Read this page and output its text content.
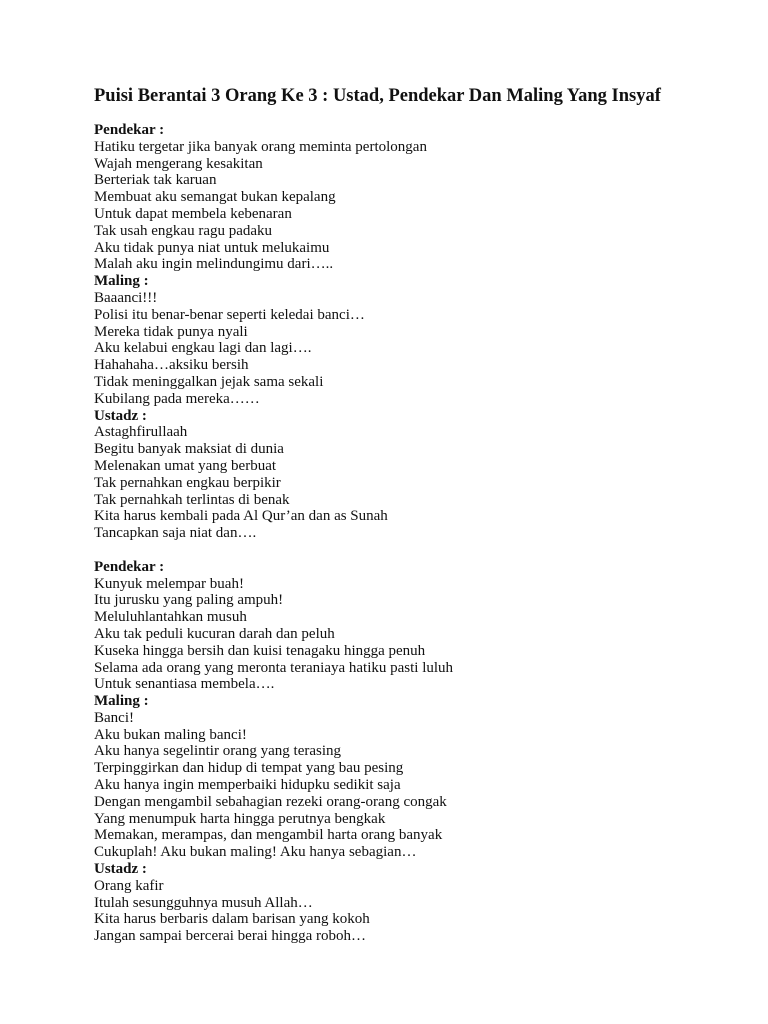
Puisi Berantai 3 Orang Ke 3 : Ustad, Pendekar Dan Maling Yang Insyaf
Pendekar :
Hatiku tergetar jika banyak orang meminta pertolongan
Wajah mengerang kesakitan
Berteriak tak karuan
Membuat aku semangat bukan kepalang
Untuk dapat membela kebenaran
Tak usah engkau ragu padaku
Aku tidak punya niat untuk melukaimu
Malah aku ingin melindungimu dari…..
Maling :
Baaanci!!!
Polisi itu benar-benar seperti keledai banci…
Mereka tidak punya nyali
Aku kelabui engkau lagi dan lagi….
Hahahaha…aksiku bersih
Tidak meninggalkan jejak sama sekali
Kubilang pada mereka……
Ustadz :
Astaghfirullaah
Begitu banyak maksiat di dunia
Melenakan umat yang berbuat
Tak pernahkan engkau berpikir
Tak pernahkah terlintas di benak
Kita harus kembali pada Al Qur’an dan as Sunah
Tancapkan saja niat dan….
Pendekar :
Kunyuk melempar buah!
Itu jurusku yang paling ampuh!
Meluluhlantahkan musuh
Aku tak peduli kucuran darah dan peluh
Kuseka hingga bersih dan kuisi tenagaku hingga penuh
Selama ada orang yang meronta teraniaya hatiku pasti luluh
Untuk senantiasa membela….
Maling :
Banci!
Aku bukan maling banci!
Aku hanya segelintir orang yang terasing
Terpinggirkan dan hidup di tempat yang bau pesing
Aku hanya ingin memperbaiki hidupku sedikit saja
Dengan mengambil sebahagian rezeki orang-orang congak
Yang menumpuk harta hingga perutnya bengkak
Memakan, merampas, dan mengambil harta orang banyak
Cukuplah! Aku bukan maling! Aku hanya sebagian…
Ustadz :
Orang kafir
Itulah sesungguhnya musuh Allah…
Kita harus berbaris dalam barisan yang kokoh
Jangan sampai bercerai berai hingga roboh…
